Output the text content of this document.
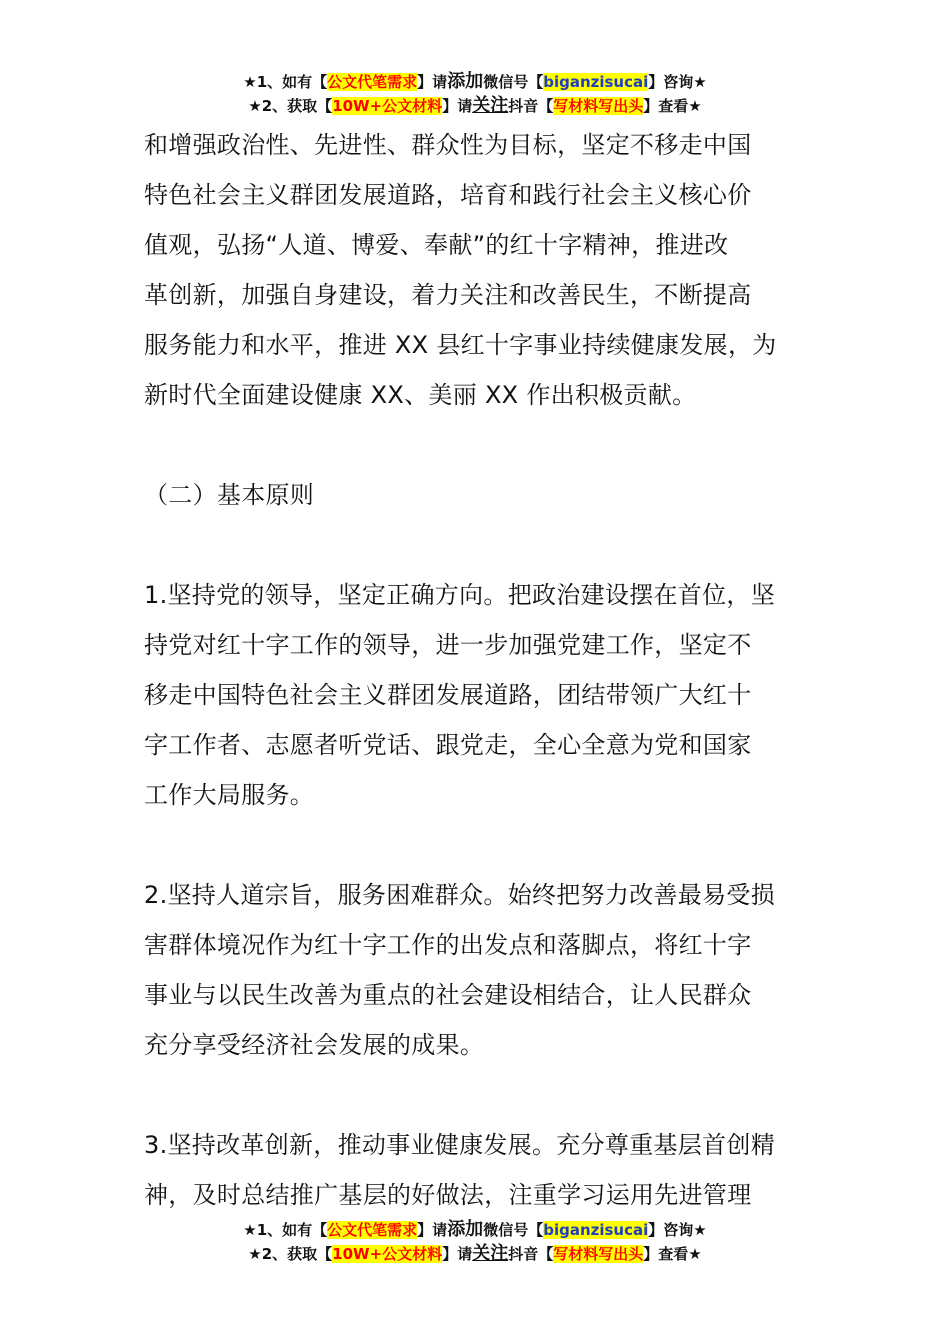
★1、如有【公文代笔需求】请添加微信号【biganzisucai】咨询★
★2、获取【10W+公文材料】请关注抖音【写材料写出头】查看★

和增强政治性、先进性、群众性为目标，坚定不移走中国

特色社会主义群团发展道路，培育和践行社会主义核心价

值观，弘扬“人道、博爱、奉献”的红十字精神，推进改

革创新，加强自身建设，着力关注和改善民生，不断提高

服务能力和水平，推进 XX 县红十字事业持续健康发展，为

新时代全面建设健康 XX、美丽 XX 作出积极贡献。

（二）基本原则

1.坚持党的领导，坚定正确方向。把政治建设摆在首位，坚

持党对红十字工作的领导，进一步加强党建工作，坚定不

移走中国特色社会主义群团发展道路，团结带领广大红十

字工作者、志愿者听党话、跟党走，全心全意为党和国家

工作大局服务。

2.坚持人道宗旨，服务困难群众。始终把努力改善最易受损

害群体境况作为红十字工作的出发点和落脚点，将红十字

事业与以民生改善为重点的社会建设相结合，让人民群众

充分享受经济社会发展的成果。

3.坚持改革创新，推动事业健康发展。充分尊重基层首创精

神，及时总结推广基层的好做法，注重学习运用先进管理

★1、如有【公文代笔需求】请添加微信号【biganzisucai】咨询★
★2、获取【10W+公文材料】请关注抖音【写材料写出头】查看★
